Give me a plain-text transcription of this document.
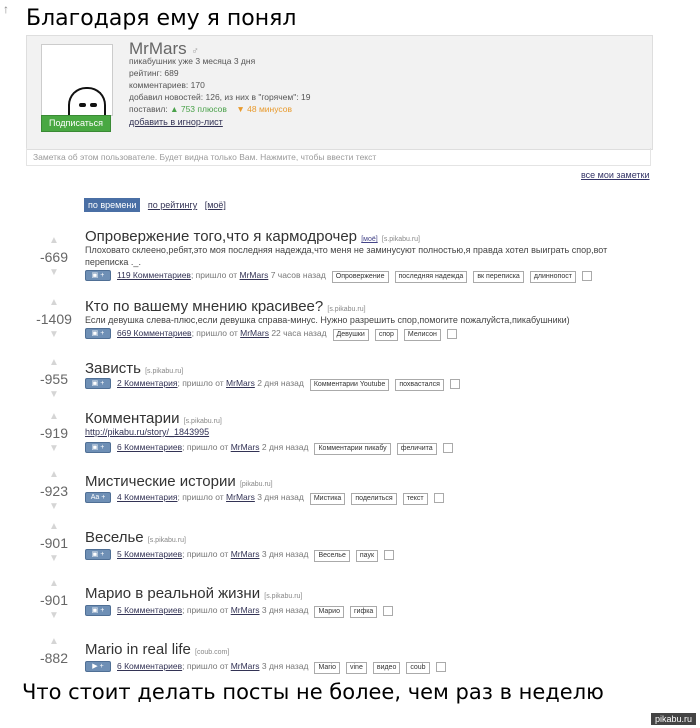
↑ Благодаря ему я понял
Подписаться
MrMars ♂
пикабушник уже 3 месяца 3 дня
рейтинг: 689
комментариев: 170
добавил новостей: 126, из них в "горячем": 19
поставил: ▲ 753 плюсов ▼ 48 минусов
добавить в игнор-лист
Заметка об этом пользователе. Будет видна только Вам. Нажмите, чтобы ввести текст
все мои заметки
по времени по рейтингу [моё]
▲
-669
▼
Опровержение того,что я кармодрочер [моё] [s.pikabu.ru]
Плоховато склеено,ребят,это моя последняя надежда,что меня не заминусуют полностью,я правда хотел выиграть спор,вот переписка ._.
▣ + 119 Комментариев; пришло от MrMars 7 часов назад Опровержение последняя надежда вк переписка длиннопост
▲
-1409
▼
Кто по вашему мнению красивее? [s.pikabu.ru]
Если девушка слева-плюс,если девушка справа-минус. Нужно разрешить спор,помогите пожалуйста,пикабушники)
▣ + 669 Комментариев; пришло от MrMars 22 часа назад Девушки спор Мелисон
▲
-955
▼
Зависть [s.pikabu.ru]
▣ + 2 Комментария; пришло от MrMars 2 дня назад Комментарии Youtube похвастался
▲
-919
▼
Комментарии [s.pikabu.ru]
http://pikabu.ru/story/_1843995
▣ + 6 Комментариев; пришло от MrMars 2 дня назад Комментарии пикабу феличита
▲
-923
▼
Мистические истории [pikabu.ru]
Aa + 4 Комментария; пришло от MrMars 3 дня назад Мистика поделиться текст
▲
-901
▼
Веселье [s.pikabu.ru]
▣ + 5 Комментариев; пришло от MrMars 3 дня назад Веселье паук
▲
-901
▼
Марио в реальной жизни [s.pikabu.ru]
▣ + 5 Комментариев; пришло от MrMars 3 дня назад Марио гифка
▲
-882	Mario in real life [coub.com]
▶ + 6 Комментариев; пришло от MrMars 3 дня назад Mario vine видео coub
Что стоит делать посты не более, чем раз в неделю
pikabu.ru
